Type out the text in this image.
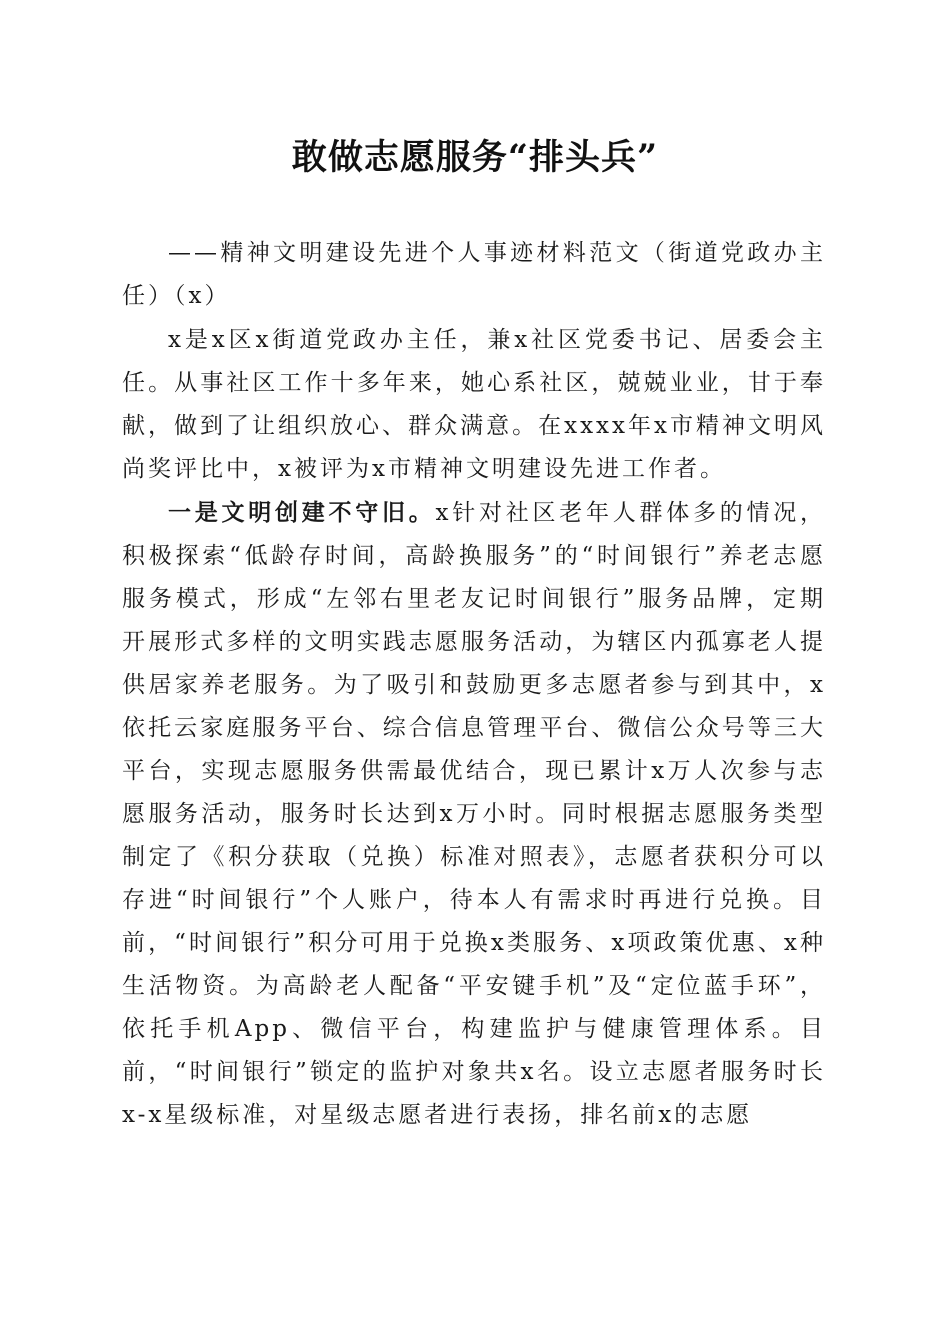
敢做志愿服务“排头兵”

——精神文明建设先进个人事迹材料范文（街道党政办主任）（x）

x是x区x街道党政办主任，兼x社区党委书记、居委会主任。从事社区工作十多年来，她心系社区，兢兢业业，甘于奉献，做到了让组织放心、群众满意。在xxxx年x市精神文明风尚奖评比中，x被评为x市精神文明建设先进工作者。

一是文明创建不守旧。x针对社区老年人群体多的情况，积极探索“低龄存时间，高龄换服务”的“时间银行”养老志愿服务模式，形成“左邻右里老友记时间银行”服务品牌，定期开展形式多样的文明实践志愿服务活动，为辖区内孤寡老人提供居家养老服务。为了吸引和鼓励更多志愿者参与到其中，x依托云家庭服务平台、综合信息管理平台、微信公众号等三大平台，实现志愿服务供需最优结合，现已累计x万人次参与志愿服务活动，服务时长达到x万小时。同时根据志愿服务类型制定了《积分获取（兑换）标准对照表》，志愿者获积分可以存进“时间银行”个人账户，待本人有需求时再进行兑换。目前，“时间银行”积分可用于兑换x类服务、x项政策优惠、x种生活物资。为高龄老人配备“平安键手机”及“定位蓝手环”，依托手机App、微信平台，构建监护与健康管理体系。目前，“时间银行”锁定的监护对象共x名。设立志愿者服务时长x-x星级标准，对星级志愿者进行表扬，排名前x的志愿
